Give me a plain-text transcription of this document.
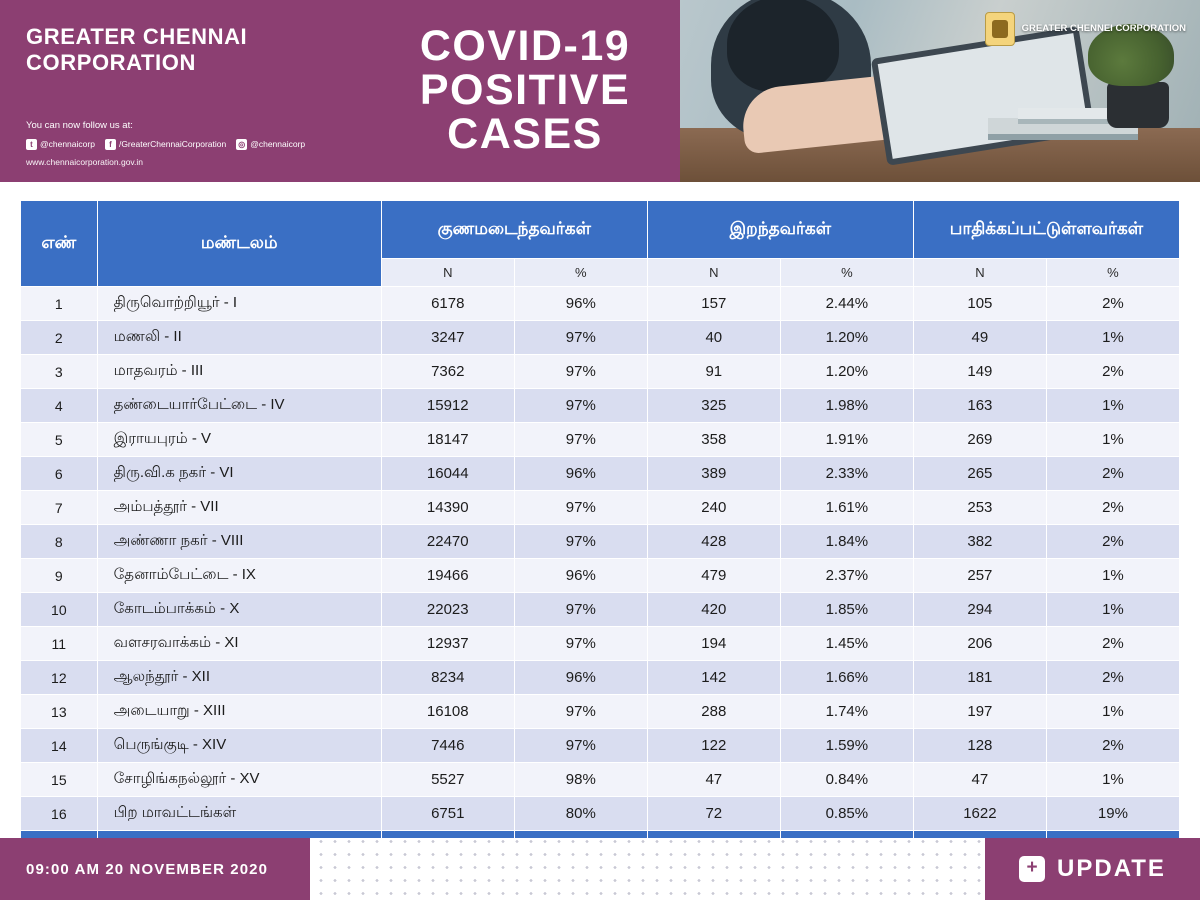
GREATER CHENNAI CORPORATION
You can now follow us at:
t @chennaicorp	f /GreaterChennaiCorporation ◎ @chennaicorp
www.chennaicorporation.gov.in
COVID-19 POSITIVE CASES
GREATER CHENNEI CORPORATION
எண்	மண்டலம்	குணமடைந்தவர்கள்		இறந்தவர்கள்		பாதிக்கப்பட்டுள்ளவர்கள்	
		N	%	N	%	N	%
1	திருவொற்றியூர் - I	6178	96%	157	2.44%	105	2%
2	மணலி - II	3247	97%	40	1.20%	49	1%
3	மாதவரம் - III	7362	97%	91	1.20%	149	2%
4	தண்டையார்பேட்டை - IV	15912	97%	325	1.98%	163	1%
5	இராயபுரம் - V	18147	97%	358	1.91%	269	1%
6	திரு.வி.க நகர் - VI	16044	96%	389	2.33%	265	2%
7	அம்பத்தூர் - VII	14390	97%	240	1.61%	253	2%
8	அண்ணா நகர் - VIII	22470	97%	428	1.84%	382	2%
9	தேனாம்பேட்டை - IX	19466	96%	479	2.37%	257	1%
10	கோடம்பாக்கம் - X	22023	97%	420	1.85%	294	1%
11	வளசரவாக்கம் - XI	12937	97%	194	1.45%	206	2%
12	ஆலந்தூர் - XII	8234	96%	142	1.66%	181	2%
13	அடையாறு - XIII	16108	97%	288	1.74%	197	1%
14	பெருங்குடி - XIV	7446	97%	122	1.59%	128	2%
15	சோழிங்கநல்லூர் - XV	5527	98%	47	0.84%	47	1%
16	பிற மாவட்டங்கள்	6751	80%	72	0.85%	1622	19%

09:00 AM 20 NOVEMBER 2020	+ UPDATE
